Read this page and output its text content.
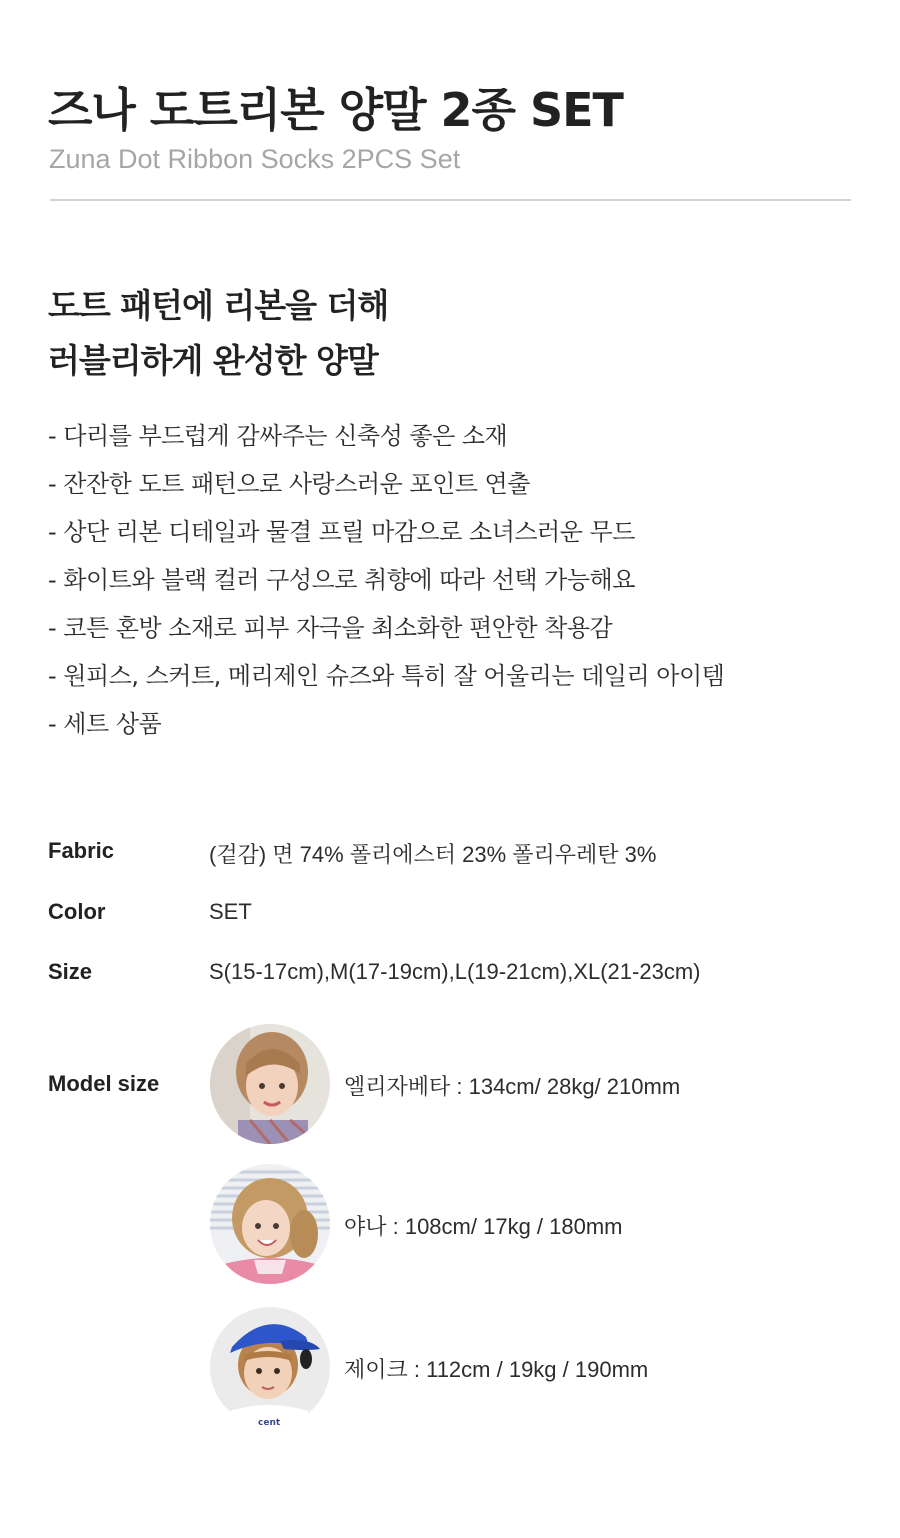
즈나 도트리본 양말 2종 SET
Zuna Dot Ribbon Socks 2PCS Set
도트 패턴에 리본을 더해
러블리하게 완성한 양말
- 다리를 부드럽게 감싸주는 신축성 좋은 소재
- 잔잔한 도트 패턴으로 사랑스러운 포인트 연출
- 상단 리본 디테일과 물결 프릴 마감으로 소녀스러운 무드
- 화이트와 블랙 컬러 구성으로 취향에 따라 선택 가능해요
- 코튼 혼방 소재로 피부 자극을 최소화한 편안한 착용감
- 원피스, 스커트, 메리제인 슈즈와 특히 잘 어울리는 데일리 아이템
- 세트 상품
Fabric	(겉감) 면 74% 폴리에스터 23% 폴리우레탄 3%
Color	SET
Size	S(15-17cm),M(17-19cm),L(19-21cm),XL(21-23cm)
Model size	엘리자베타 : 134cm/ 28kg/ 210mm
야나 : 108cm/ 17kg / 180mm
cent
제이크 : 112cm / 19kg / 190mm
